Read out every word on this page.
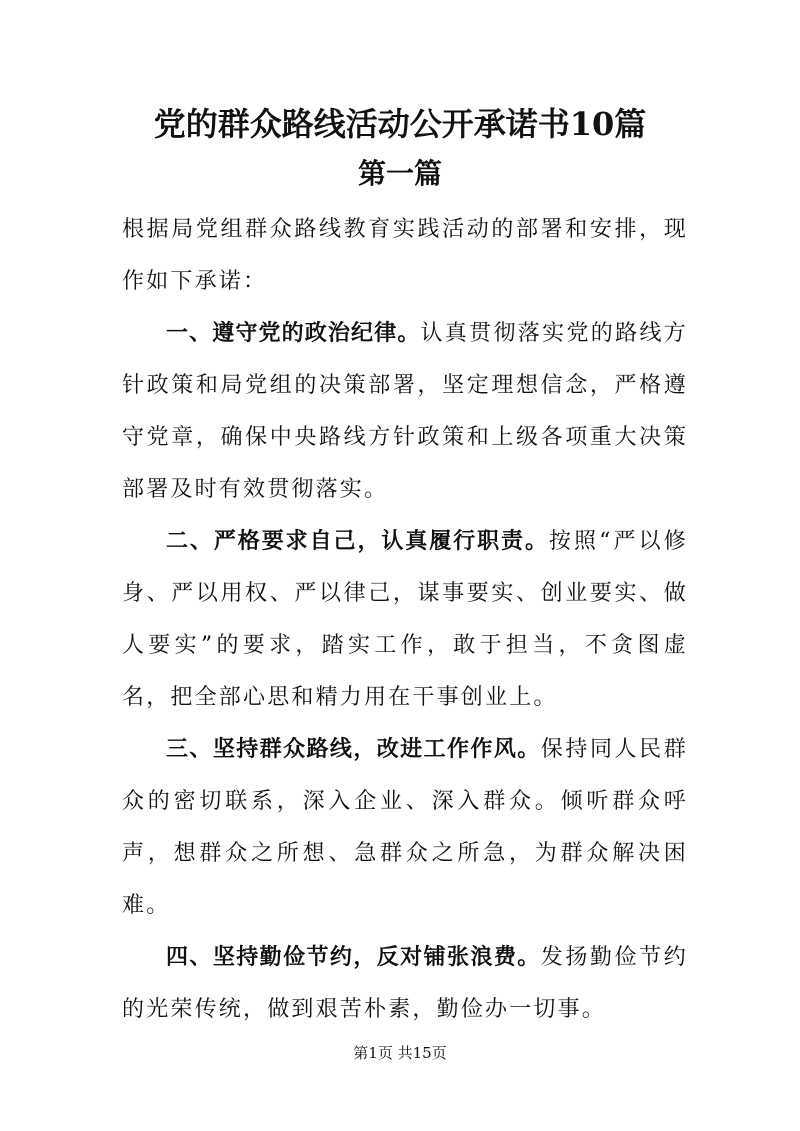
党的群众路线活动公开承诺书10篇
第一篇

根据局党组群众路线教育实践活动的部署和安排，现作如下承诺：

一、遵守党的政治纪律。认真贯彻落实党的路线方针政策和局党组的决策部署，坚定理想信念，严格遵守党章，确保中央路线方针政策和上级各项重大决策部署及时有效贯彻落实。

二、严格要求自己，认真履行职责。按照“严以修身、严以用权、严以律己，谋事要实、创业要实、做人要实”的要求，踏实工作，敢于担当，不贪图虚名，把全部心思和精力用在干事创业上。

三、坚持群众路线，改进工作作风。保持同人民群众的密切联系，深入企业、深入群众。倾听群众呼声，想群众之所想、急群众之所急，为群众解决困难。

四、坚持勤俭节约，反对铺张浪费。发扬勤俭节约的光荣传统，做到艰苦朴素，勤俭办一切事。

第1页 共15页
